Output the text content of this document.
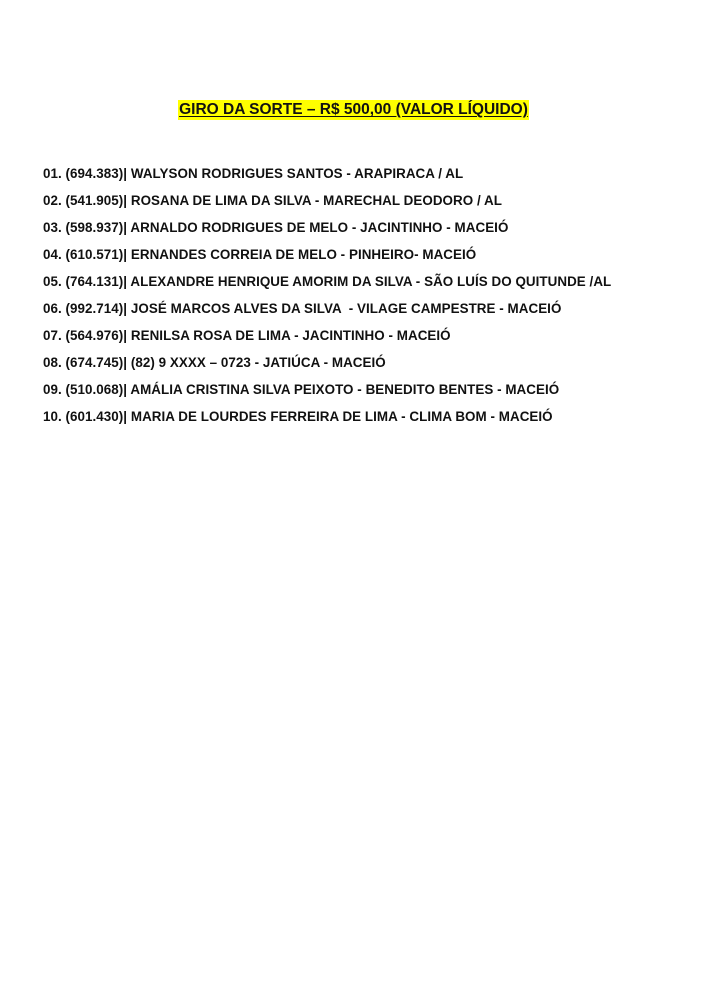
GIRO DA SORTE – R$ 500,00 (VALOR LÍQUIDO)
01. (694.383)| WALYSON RODRIGUES SANTOS - ARAPIRACA / AL
02. (541.905)| ROSANA DE LIMA DA SILVA - MARECHAL DEODORO / AL
03. (598.937)| ARNALDO RODRIGUES DE MELO - JACINTINHO - MACEIÓ
04. (610.571)| ERNANDES CORREIA DE MELO - PINHEIRO- MACEIÓ
05. (764.131)| ALEXANDRE HENRIQUE AMORIM DA SILVA - SÃO LUÍS DO QUITUNDE /AL
06. (992.714)| JOSÉ MARCOS ALVES DA SILVA  - VILAGE CAMPESTRE - MACEIÓ
07. (564.976)| RENILSA ROSA DE LIMA - JACINTINHO - MACEIÓ
08. (674.745)| (82) 9 XXXX – 0723 - JATIÚCA - MACEIÓ
09. (510.068)| AMÁLIA CRISTINA SILVA PEIXOTO - BENEDITO BENTES - MACEIÓ
10. (601.430)| MARIA DE LOURDES FERREIRA DE LIMA - CLIMA BOM - MACEIÓ
